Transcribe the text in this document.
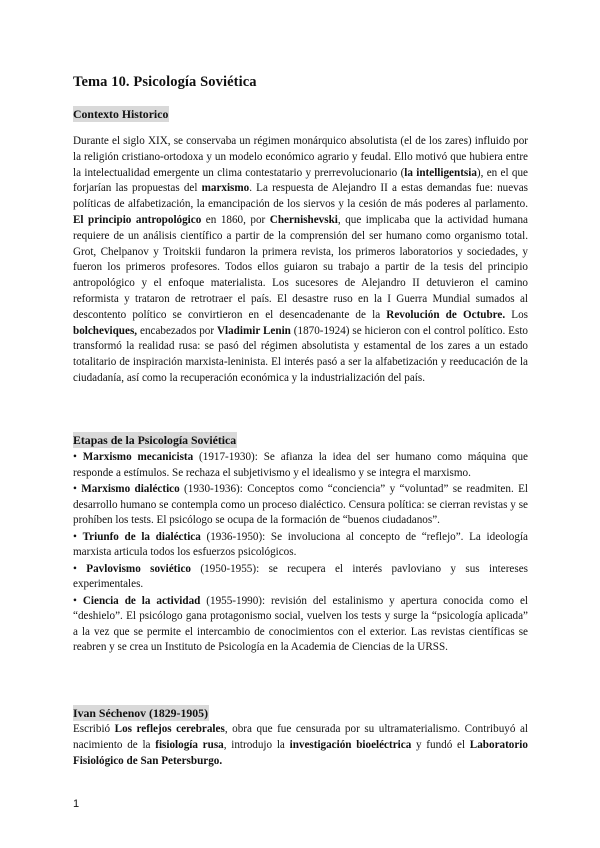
Tema 10. Psicología Soviética
Contexto Historico

Durante el siglo XIX, se conservaba un régimen monárquico absolutista (el de los zares) influido por la religión cristiano-ortodoxa y un modelo económico agrario y feudal. Ello motivó que hubiera entre la intelectualidad emergente un clima contestatario y prerrevolucionario (la intelligentsia), en el que forjarían las propuestas del marxismo. La respuesta de Alejandro II a estas demandas fue: nuevas políticas de alfabetización, la emancipación de los siervos y la cesión de más poderes al parlamento. El principio antropológico en 1860, por Chernishevski, que implicaba que la actividad humana requiere de un análisis científico a partir de la comprensión del ser humano como organismo total. Grot, Chelpanov y Troitskii fundaron la primera revista, los primeros laboratorios y sociedades, y fueron los primeros profesores. Todos ellos guiaron su trabajo a partir de la tesis del principio antropológico y el enfoque materialista. Los sucesores de Alejandro II detuvieron el camino reformista y trataron de retrotraer el país. El desastre ruso en la I Guerra Mundial sumados al descontento político se convirtieron en el desencadenante de la Revolución de Octubre. Los bolcheviques, encabezados por Vladimir Lenin (1870-1924) se hicieron con el control político. Esto transformó la realidad rusa: se pasó del régimen absolutista y estamental de los zares a un estado totalitario de inspiración marxista-leninista. El interés pasó a ser la alfabetización y reeducación de la ciudadanía, así como la recuperación económica y la industrialización del país.

Etapas de la Psicología Soviética
• Marxismo mecanicista (1917-1930): Se afianza la idea del ser humano como máquina que responde a estímulos. Se rechaza el subjetivismo y el idealismo y se integra el marxismo.
• Marxismo dialéctico (1930-1936): Conceptos como “conciencia” y “voluntad” se readmiten. El desarrollo humano se contempla como un proceso dialéctico. Censura política: se cierran revistas y se prohíben los tests. El psicólogo se ocupa de la formación de “buenos ciudadanos”.
• Triunfo de la dialéctica (1936-1950): Se involuciona al concepto de “reflejo”. La ideología marxista articula todos los esfuerzos psicológicos.
• Pavlovismo soviético (1950-1955): se recupera el interés pavloviano y sus intereses experimentales.
• Ciencia de la actividad (1955-1990): revisión del estalinismo y apertura conocida como el “deshielo”. El psicólogo gana protagonismo social, vuelven los tests y surge la “psicología aplicada” a la vez que se permite el intercambio de conocimientos con el exterior. Las revistas científicas se reabren y se crea un Instituto de Psicología en la Academia de Ciencias de la URSS.
Ivan Séchenov (1829-1905)

Escribió Los reflejos cerebrales, obra que fue censurada por su ultramaterialismo. Contribuyó al nacimiento de la fisiología rusa, introdujo la investigación bioeléctrica y fundó el Laboratorio Fisiológico de San Petersburgo.

1
